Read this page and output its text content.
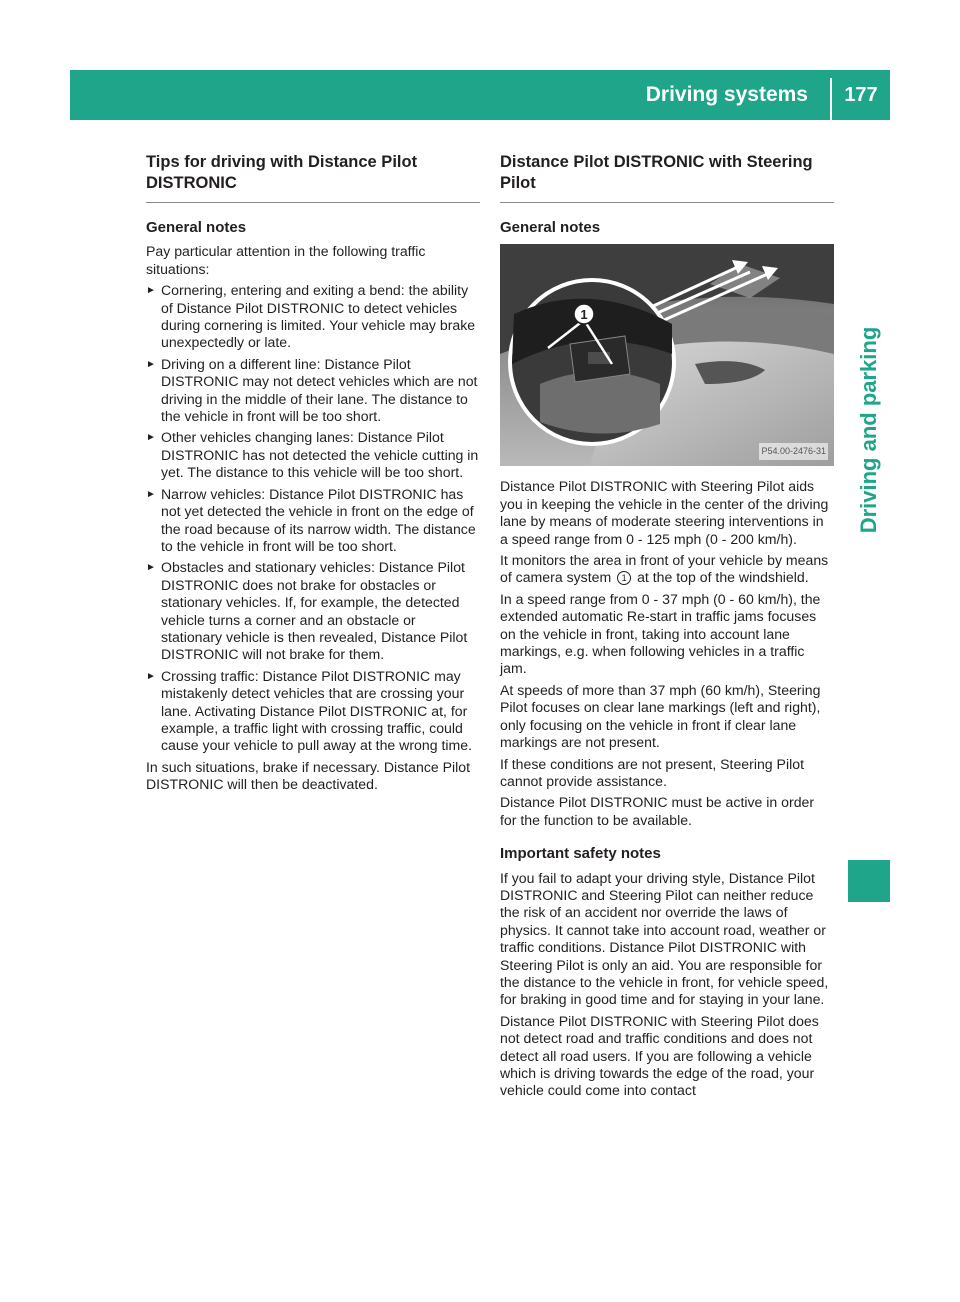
Driving systems	177
Driving and parking
Tips for driving with Distance Pilot DISTRONIC
General notes

Pay particular attention in the following traffic situations:

► Cornering, entering and exiting a bend: the ability of Distance Pilot DISTRONIC to detect vehicles during cornering is limited. Your vehicle may brake unexpectedly or late.
► Driving on a different line: Distance Pilot DISTRONIC may not detect vehicles which are not driving in the middle of their lane. The distance to the vehicle in front will be too short.
► Other vehicles changing lanes: Distance Pilot DISTRONIC has not detected the vehicle cutting in yet. The distance to this vehicle will be too short.
► Narrow vehicles: Distance Pilot DISTRONIC has not yet detected the vehicle in front on the edge of the road because of its narrow width. The distance to the vehicle in front will be too short.
► Obstacles and stationary vehicles: Distance Pilot DISTRONIC does not brake for obstacles or stationary vehicles. If, for example, the detected vehicle turns a corner and an obstacle or stationary vehicle is then revealed, Distance Pilot DISTRONIC will not brake for them.
► Crossing traffic: Distance Pilot DISTRONIC may mistakenly detect vehicles that are crossing your lane. Activating Distance Pilot DISTRONIC at, for example, a traffic light with crossing traffic, could cause your vehicle to pull away at the wrong time.

In such situations, brake if necessary. Distance Pilot DISTRONIC will then be deactivated.

Distance Pilot DISTRONIC with Steering Pilot
General notes
1
P54.00-2476-31

Distance Pilot DISTRONIC with Steering Pilot aids you in keeping the vehicle in the center of the driving lane by means of moderate steering interventions in a speed range from 0 - 125 mph (0 - 200 km/h).

It monitors the area in front of your vehicle by means of camera system 1 at the top of the windshield.

In a speed range from 0 - 37 mph (0 - 60 km/h), the extended automatic Re-start in traffic jams focuses on the vehicle in front, taking into account lane markings, e.g. when following vehicles in a traffic jam.

At speeds of more than 37 mph (60 km/h), Steering Pilot focuses on clear lane markings (left and right), only focusing on the vehicle in front if clear lane markings are not present.

If these conditions are not present, Steering Pilot cannot provide assistance.

Distance Pilot DISTRONIC must be active in order for the function to be available.

Important safety notes

If you fail to adapt your driving style, Distance Pilot DISTRONIC and Steering Pilot can neither reduce the risk of an accident nor override the laws of physics. It cannot take into account road, weather or traffic conditions. Distance Pilot DISTRONIC with Steering Pilot is only an aid. You are responsible for the distance to the vehicle in front, for vehicle speed, for braking in good time and for staying in your lane.

Distance Pilot DISTRONIC with Steering Pilot does not detect road and traffic conditions and does not detect all road users. If you are following a vehicle which is driving towards the edge of the road, your vehicle could come into contact
